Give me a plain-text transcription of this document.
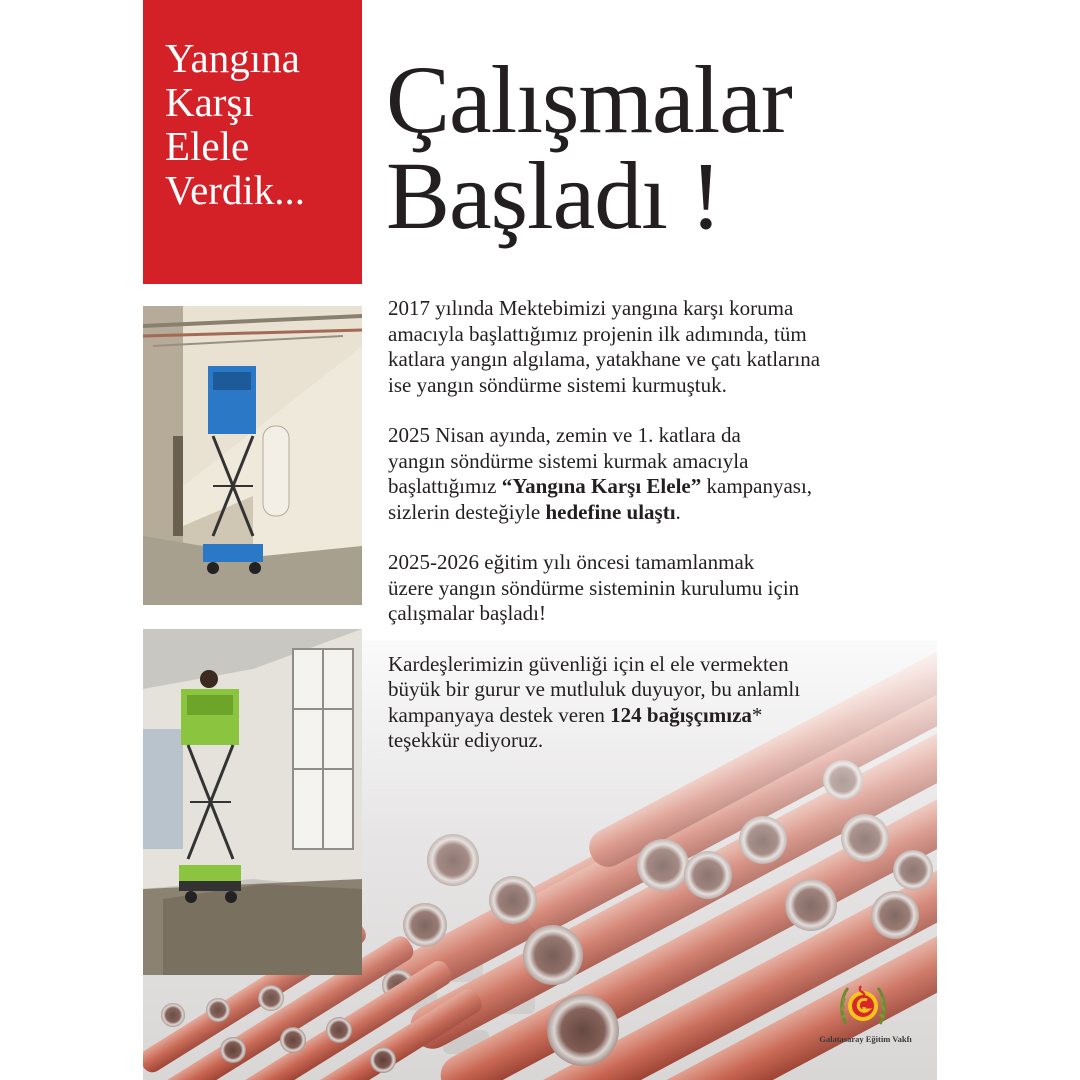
Yangına
Karşı
Elele
Verdik...
Çalışmalar
Başladı !

2017 yılında Mektebimizi yangına karşı koruma
amacıyla başlattığımız projenin ilk adımında, tüm
katlara yangın algılama, yatakhane ve çatı katlarına
ise yangın söndürme sistemi kurmuştuk.

2025 Nisan ayında, zemin ve 1. katlara da
yangın söndürme sistemi kurmak amacıyla
başlattığımız “Yangına Karşı Elele” kampanyası,
sizlerin desteğiyle hedefine ulaştı.

2025-2026 eğitim yılı öncesi tamamlanmak
üzere yangın söndürme sisteminin kurulumu için
çalışmalar başladı!

Kardeşlerimizin güvenliği için el ele vermekten
büyük bir gurur ve mutluluk duyuyor, bu anlamlı
kampanyaya destek veren 124 bağışçımıza*
teşekkür ediyoruz.

Galatasaray Eğitim Vakfı
